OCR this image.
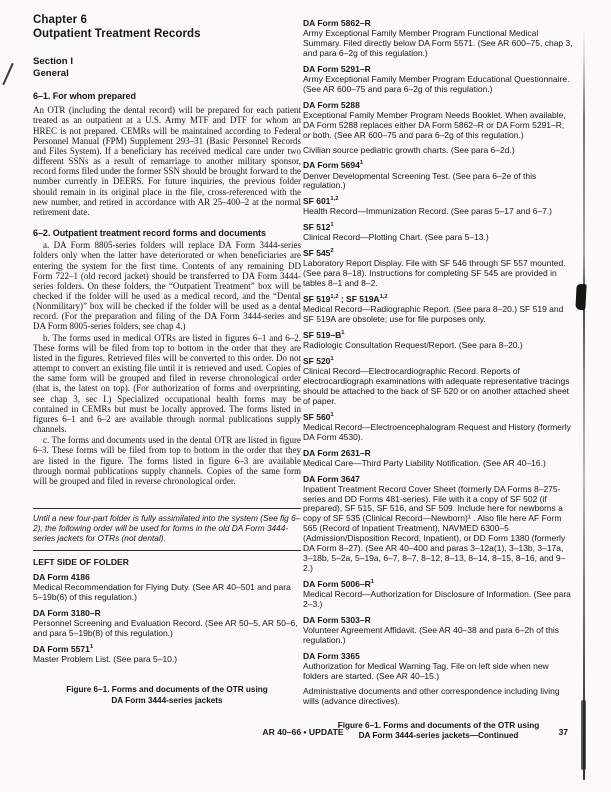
Chapter 6
Outpatient Treatment Records
Section I
General
6–1. For whom prepared
An OTR (including the dental record) will be prepared for each patient treated as an outpatient at a U.S. Army MTF and DTF for whom an HREC is not prepared. CEMRs will be maintained according to Federal Personnel Manual (FPM) Supplement 293–31 (Basic Personnel Records and Files System). If a beneficiary has received medical care under two different SSNs as a result of remarriage to another military sponsor, record forms filed under the former SSN should be brought forward to the number currently in DEERS. For future inquiries, the previous folder should remain in its original place in the file, cross-referenced with the new number, and retired in accordance with AR 25–400–2 at the normal retirement date.
6–2. Outpatient treatment record forms and documents
a. DA Form 8805-series folders will replace DA Form 3444-series folders only when the latter have deteriorated or when beneficiaries are entering the system for the first time. Contents of any remaining DD Form 722–1 (old record jacket) should be transferred to DA Form 3444-series folders. On these folders, the “Outpatient Treatment” box will be checked if the folder will be used as a medical record, and the “Dental (Nonmilitary)” box will be checked if the folder will be used as a dental record. (For the preparation and filing of the DA Form 3444-series and DA Form 8005-series folders, see chap 4.)
b. The forms used in medical OTRs are listed in figures 6–1 and 6–2. These forms will be filed from top to bottom in the order that they are listed in the figures. Retrieved files will be converted to this order. Do not attempt to convert an existing file until it is retrieved and used. Copies of the same form will be grouped and filed in reverse chronological order (that is, the latest on top). (For authorization of forms and overprinting, see chap 3, sec I.) Specialized occupational health forms may be contained in CEMRs but must be locally approved. The forms listed in figures 6–1 and 6–2 are available through normal publications supply channels.
c. The forms and documents used in the dental OTR are listed in figure 6–3. These forms will be filed from top to bottom in the order that they are listed in the figure. The forms listed in figure 6–3 are available through normal publications supply channels. Copies of the same form will be grouped and filed in reverse chronological order.
Until a new four-part folder is fully assimilated into the system (See fig 6–2), the following order will be used for forms in the old DA Form 3444-series jackets for OTRs (not dental).
LEFT SIDE OF FOLDER
DA Form 4186
Medical Recommendation for Flying Duty. (See AR 40–501 and para 5–19b(6) of this regulation.)
DA Form 3180–R
Personnel Screening and Evaluation Record. (See AR 50–5, AR 50–6, and para 5–19b(8) of this regulation.)
DA Form 5571$^1$
Master Problem List. (See para 5–10.)
Figure 6–1. Forms and documents of the OTR using DA Form 3444-series jackets
DA Form 5862–R
Army Exceptional Family Member Program Functional Medical Summary. Filed directly below DA Form 5571. (See AR 600–75, chap 3, and para 6–2g of this regulation.)
DA Form 5291–R
Army Exceptional Family Member Program Educational Questionnaire. (See AR 600–75 and para 6–2g of this regulation.)
DA Form 5288
Exceptional Family Member Program Needs Booklet. When available, DA Form 5288 replaces either DA Form 5862–R or DA Form 5291–R, or both. (See AR 600–75 and para 6–2g of this regulation.)
Civilian source pediatric growth charts. (See para 6–2d.)
DA Form 5694$^1$
Denver Developmental Screening Test. (See para 6–2e of this regulation.)
SF 601$^{1,2}$
Health Record—Immunization Record. (See paras 5–17 and 6–7.)
SF $512^1$
Clinical Record—Plotting Chart. (See para 5–13.)
SF $545^2$
Laboratory Report Display. File with SF 546 through SF 557 mounted. (See para 8–18). Instructions for completing SF 545 are provided in tables 8–1 and 8–2.
SF 519$^{1,2}$ ; SF $519A^{1,2}$
Medical Record—Radiographic Report. (See para 8–20.) SF 519 and SF 519A are obsolete; use for file purposes only.
SF $519-B^1$
Radiologic Consultation Request/Report. (See para 8–20.)
SF $520^1$
Clinical Record—Electrocardiographic Record. Reports of electrocardiograph examinations with adequate representative tracings should be attached to the back of SF 520 or on another attached sheet of paper.
SF $560^1$
Medical Record—Electroencephalogram Request and History (formerly DA Form 4530).
DA Form 2631–R
Medical Care—Third Party Liability Notification. (See AR 40–16.)
DA Form 3647
Inpatient Treatment Record Cover Sheet (formerly DA Forms 8–275-series and DD Forms 481-series). File with it a copy of SF 502 (if prepared), SF 515, SF 516, and SF 509. Include here for newborns a copy of SF 535 (Clinical Record—Newborn)¹ . Also file here AF Form 565 (Record of Inpatient Treatment), NAVMED 6300–5 (Admission/Disposition Record, Inpatient), or DD Form 1380 (formerly DA Form 8–27). (See AR 40–400 and paras 3–12a(1), 3–13b, 3–17a, 3–18b, 5–2a, 5–19a, 6–7, 8–7, 8–12, 8–13, 8–14, 8–15, 8–16, and 9–2.)
DA Form $5006-R^1$
Medical Record—Authorization for Disclosure of Information. (See para 2–3.)
DA Form 5303–R
Volunteer Agreement Affidavit. (See AR 40–38 and para 6–2h of this regulation.)
DA Form 3365
Authorization for Medical Warning Tag. File on left side when new folders are started. (See AR 40–15.)
Administrative documents and other correspondence including living wills (advance directives).
Figure 6–1. Forms and documents of the OTR using DA Form 3444-series jackets—Continued
AR 40–66 • UPDATE	37
